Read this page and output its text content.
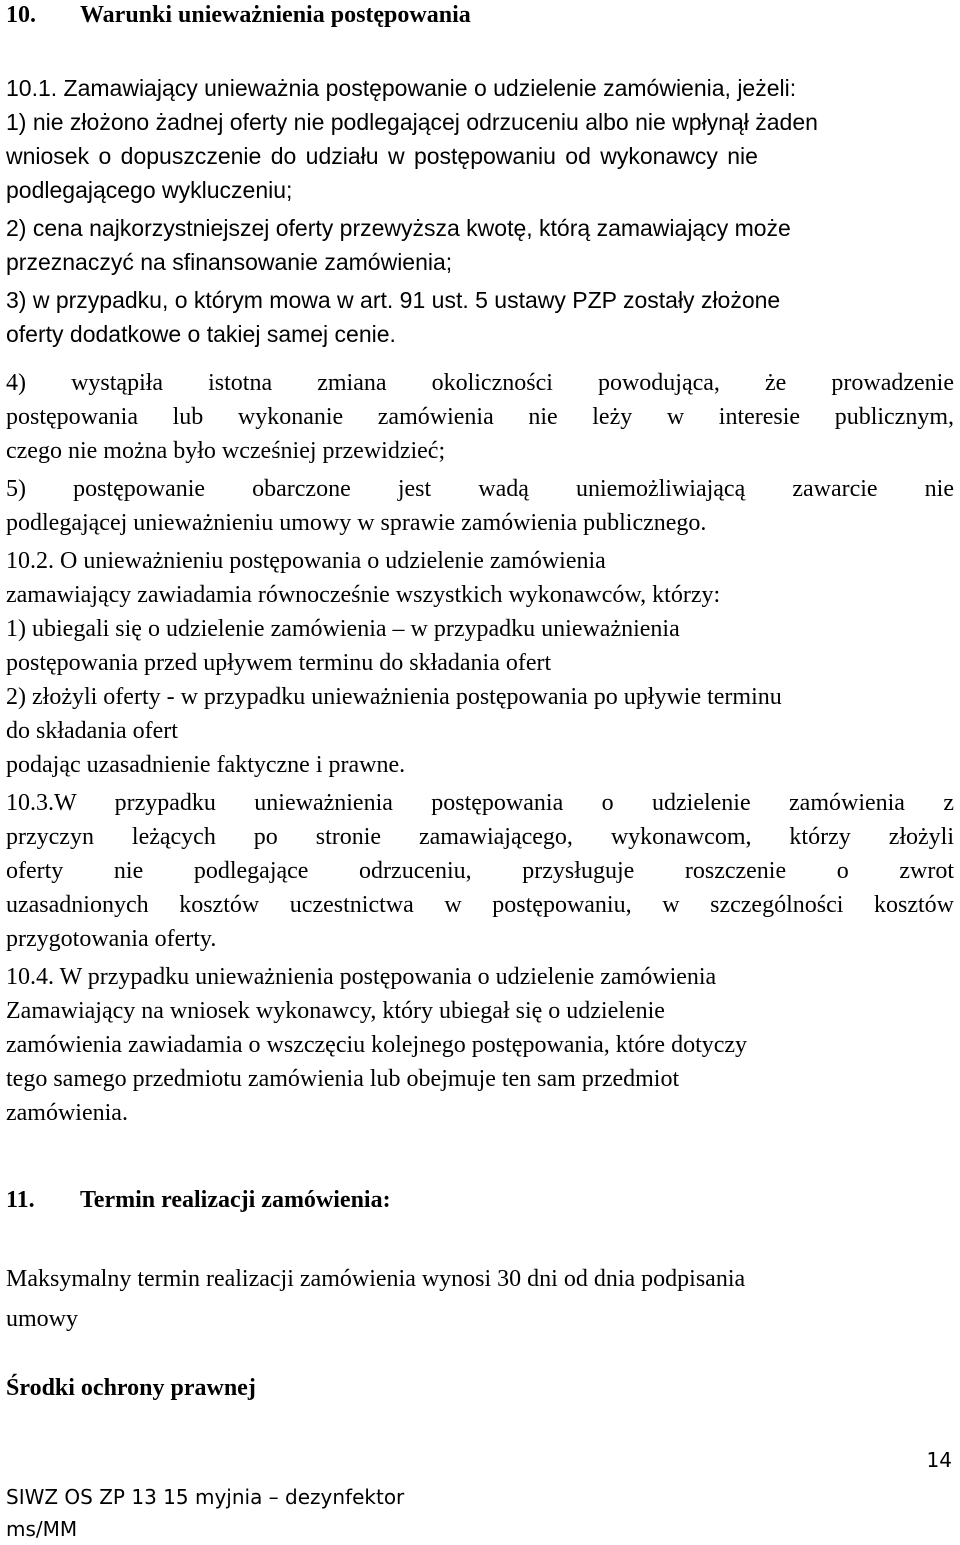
10. Warunki unieważnienia postępowania
10.1. Zamawiający unieważnia postępowanie o udzielenie zamówienia, jeżeli:
1) nie złożono żadnej oferty nie podlegającej odrzuceniu albo nie wpłynął żaden
wniosek o dopuszczenie do udziału w postępowaniu od wykonawcy nie
podlegającego wykluczeniu;
2) cena najkorzystniejszej oferty przewyższa kwotę, którą zamawiający może
przeznaczyć na sfinansowanie zamówienia;
3) w przypadku, o którym mowa w art. 91 ust. 5 ustawy PZP zostały złożone
oferty dodatkowe o takiej samej cenie.
4) wystąpiła istotna zmiana okoliczności powodująca, że prowadzenie
postępowania lub wykonanie zamówienia nie leży w interesie publicznym,
czego nie można było wcześniej przewidzieć;
5) postępowanie obarczone jest wadą uniemożliwiającą zawarcie nie
podlegającej unieważnieniu umowy w sprawie zamówienia publicznego.
10.2. O unieważnieniu postępowania o udzielenie zamówienia
zamawiający zawiadamia równocześnie wszystkich wykonawców, którzy:
1) ubiegali się o udzielenie zamówienia – w przypadku unieważnienia
postępowania przed upływem terminu do składania ofert
2) złożyli oferty - w przypadku unieważnienia postępowania po upływie terminu
do składania ofert
podając uzasadnienie faktyczne i prawne.
10.3.W przypadku unieważnienia postępowania o udzielenie zamówienia z
przyczyn leżących po stronie zamawiającego, wykonawcom, którzy złożyli
oferty nie podlegające odrzuceniu, przysługuje roszczenie o zwrot
uzasadnionych kosztów uczestnictwa w postępowaniu, w szczególności kosztów
przygotowania oferty.
10.4. W przypadku unieważnienia postępowania o udzielenie zamówienia
Zamawiający na wniosek wykonawcy, który ubiegał się o udzielenie
zamówienia zawiadamia o wszczęciu kolejnego postępowania, które dotyczy
tego samego przedmiotu zamówienia lub obejmuje ten sam przedmiot
zamówienia.
11. Termin realizacji zamówienia:
Maksymalny termin realizacji zamówienia wynosi 30 dni od dnia podpisania
umowy
Środki ochrony prawnej
14
SIWZ OS ZP 13 15 myjnia – dezynfektor
ms/MM
